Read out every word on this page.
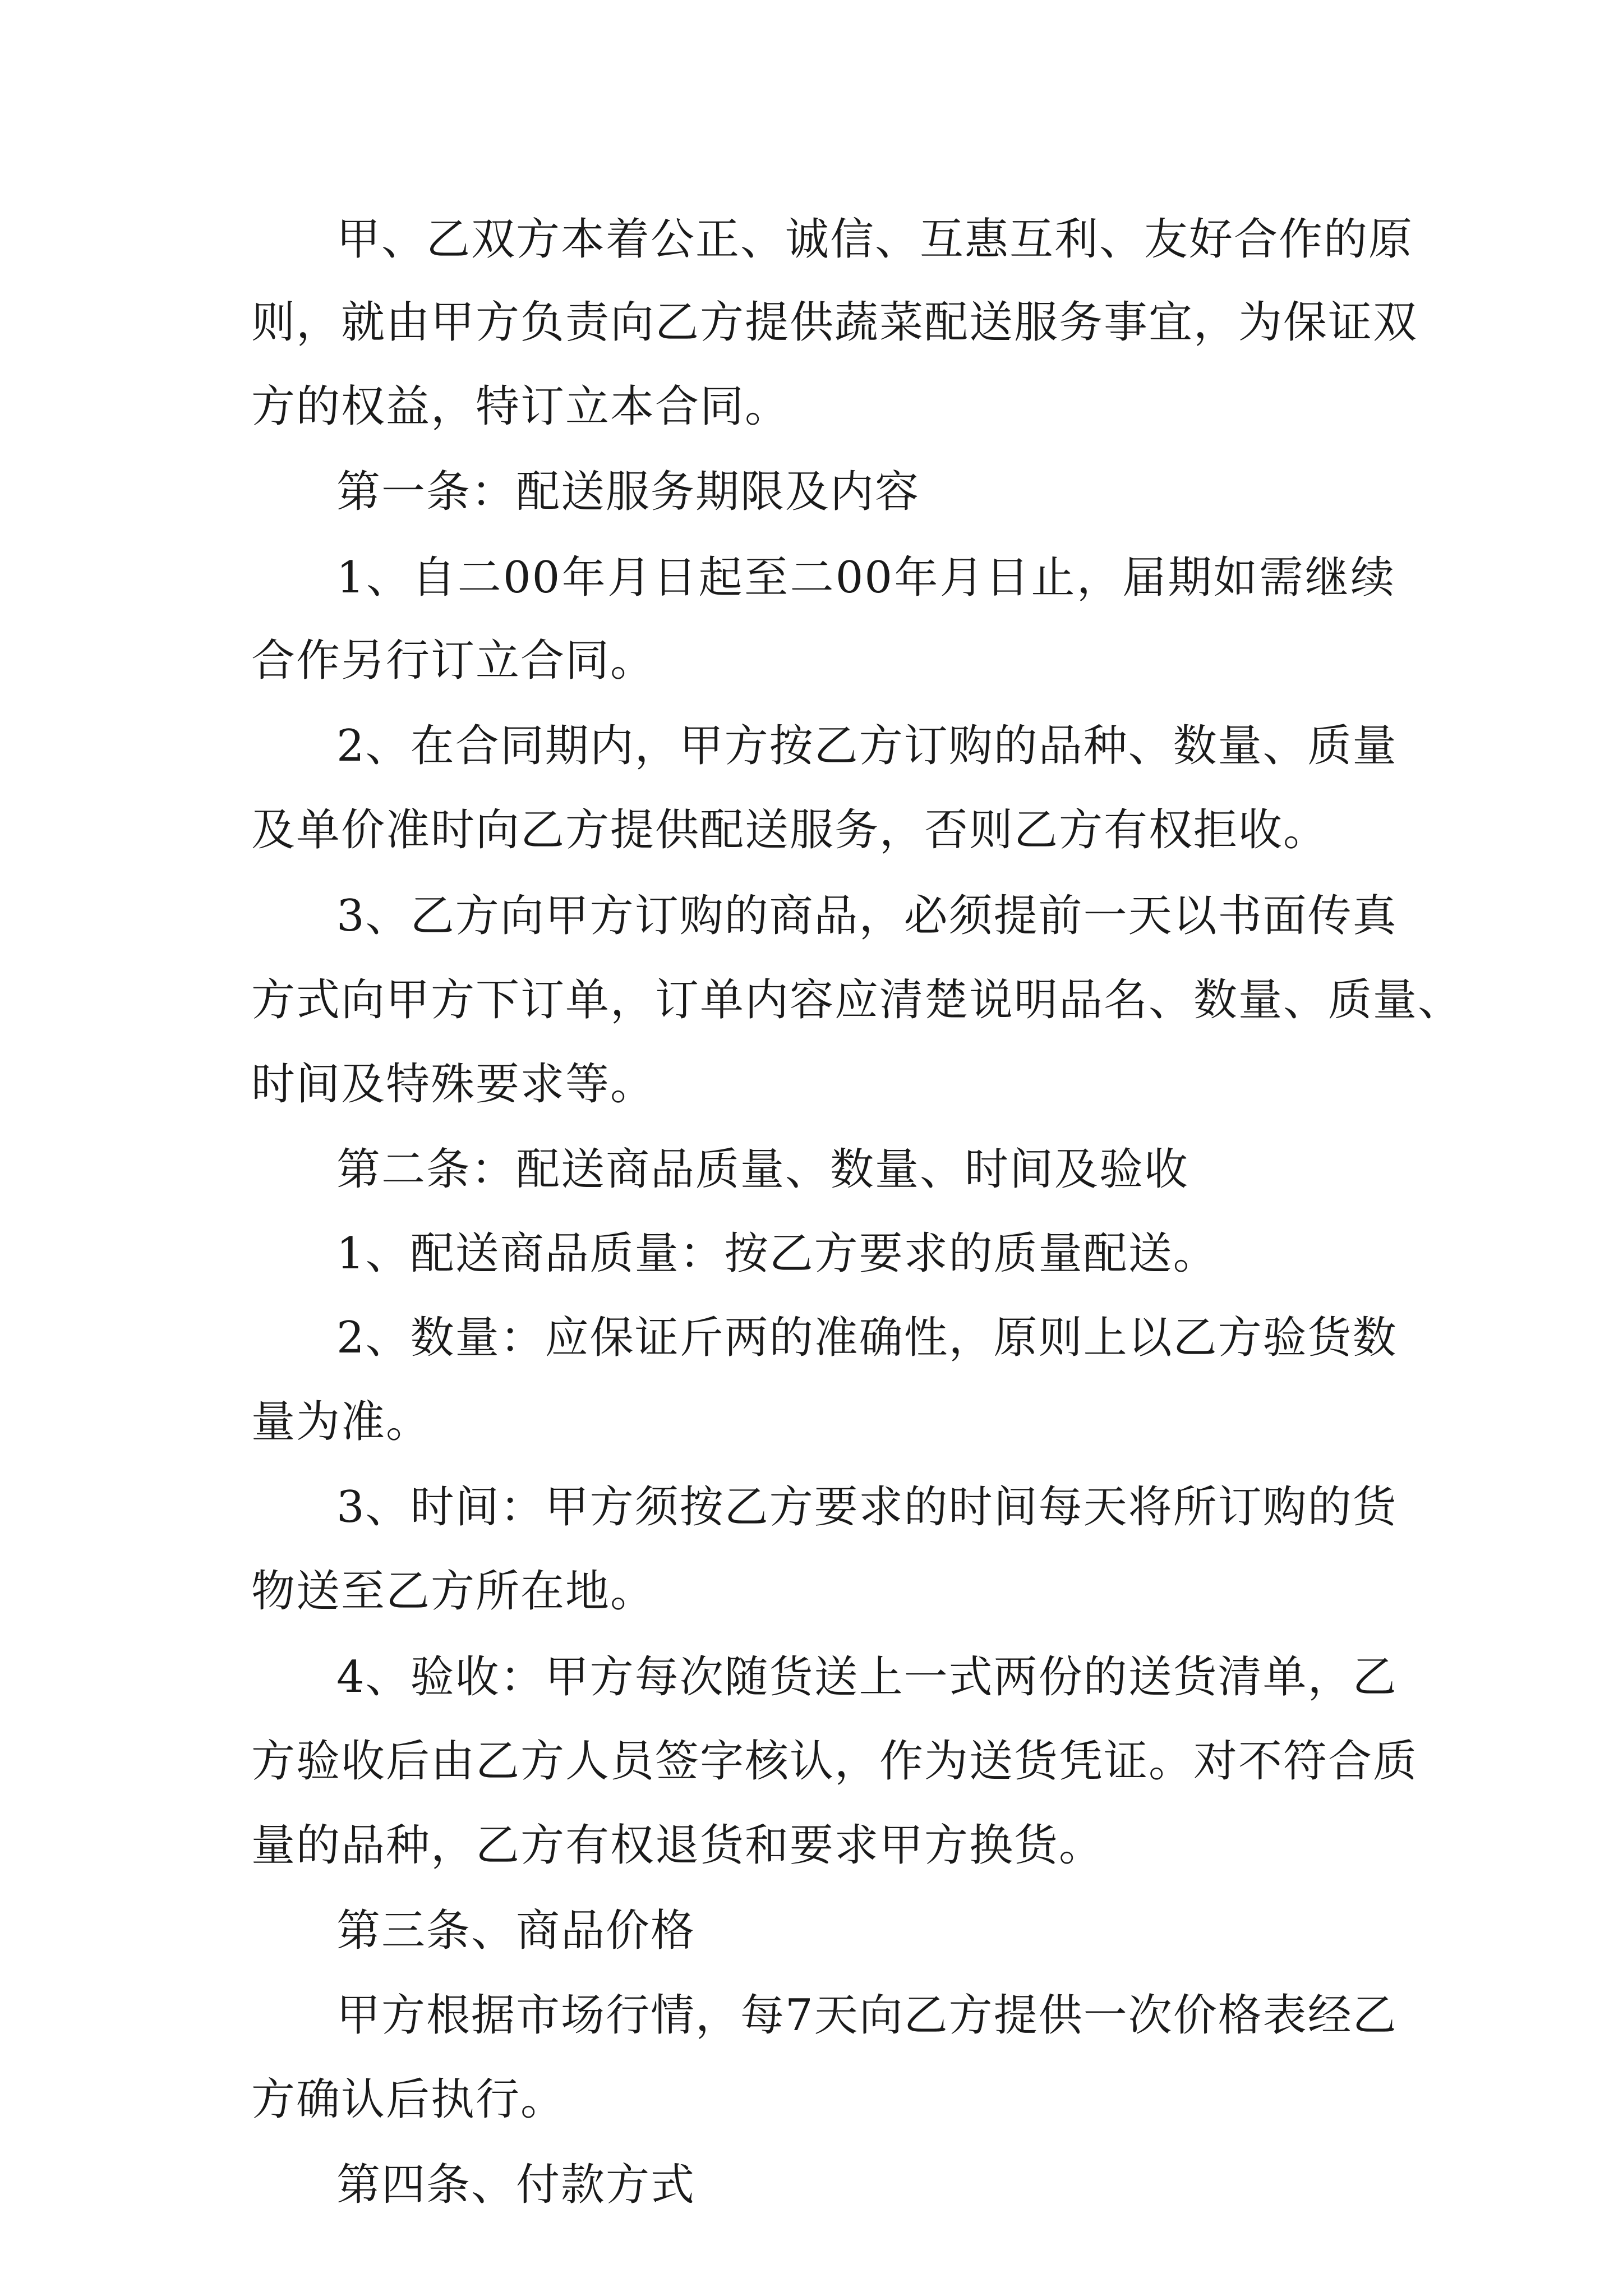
甲、乙双方本着公正、诚信、互惠互利、友好合作的原

则，就由甲方负责向乙方提供蔬菜配送服务事宜，为保证双

方的权益，特订立本合同。

第一条：配送服务期限及内容

1、自二00年月日起至二00年月日止，届期如需继续

合作另行订立合同。

2、在合同期内，甲方按乙方订购的品种、数量、质量

及单价准时向乙方提供配送服务，否则乙方有权拒收。

3、乙方向甲方订购的商品，必须提前一天以书面传真

方式向甲方下订单，订单内容应清楚说明品名、数量、质量、

时间及特殊要求等。

第二条：配送商品质量、数量、时间及验收

1、配送商品质量：按乙方要求的质量配送。

2、数量：应保证斤两的准确性，原则上以乙方验货数

量为准。

3、时间：甲方须按乙方要求的时间每天将所订购的货

物送至乙方所在地。

4、验收：甲方每次随货送上一式两份的送货清单，乙

方验收后由乙方人员签字核认，作为送货凭证。对不符合质

量的品种，乙方有权退货和要求甲方换货。

第三条、商品价格

甲方根据市场行情，每7天向乙方提供一次价格表经乙

方确认后执行。

第四条、付款方式
